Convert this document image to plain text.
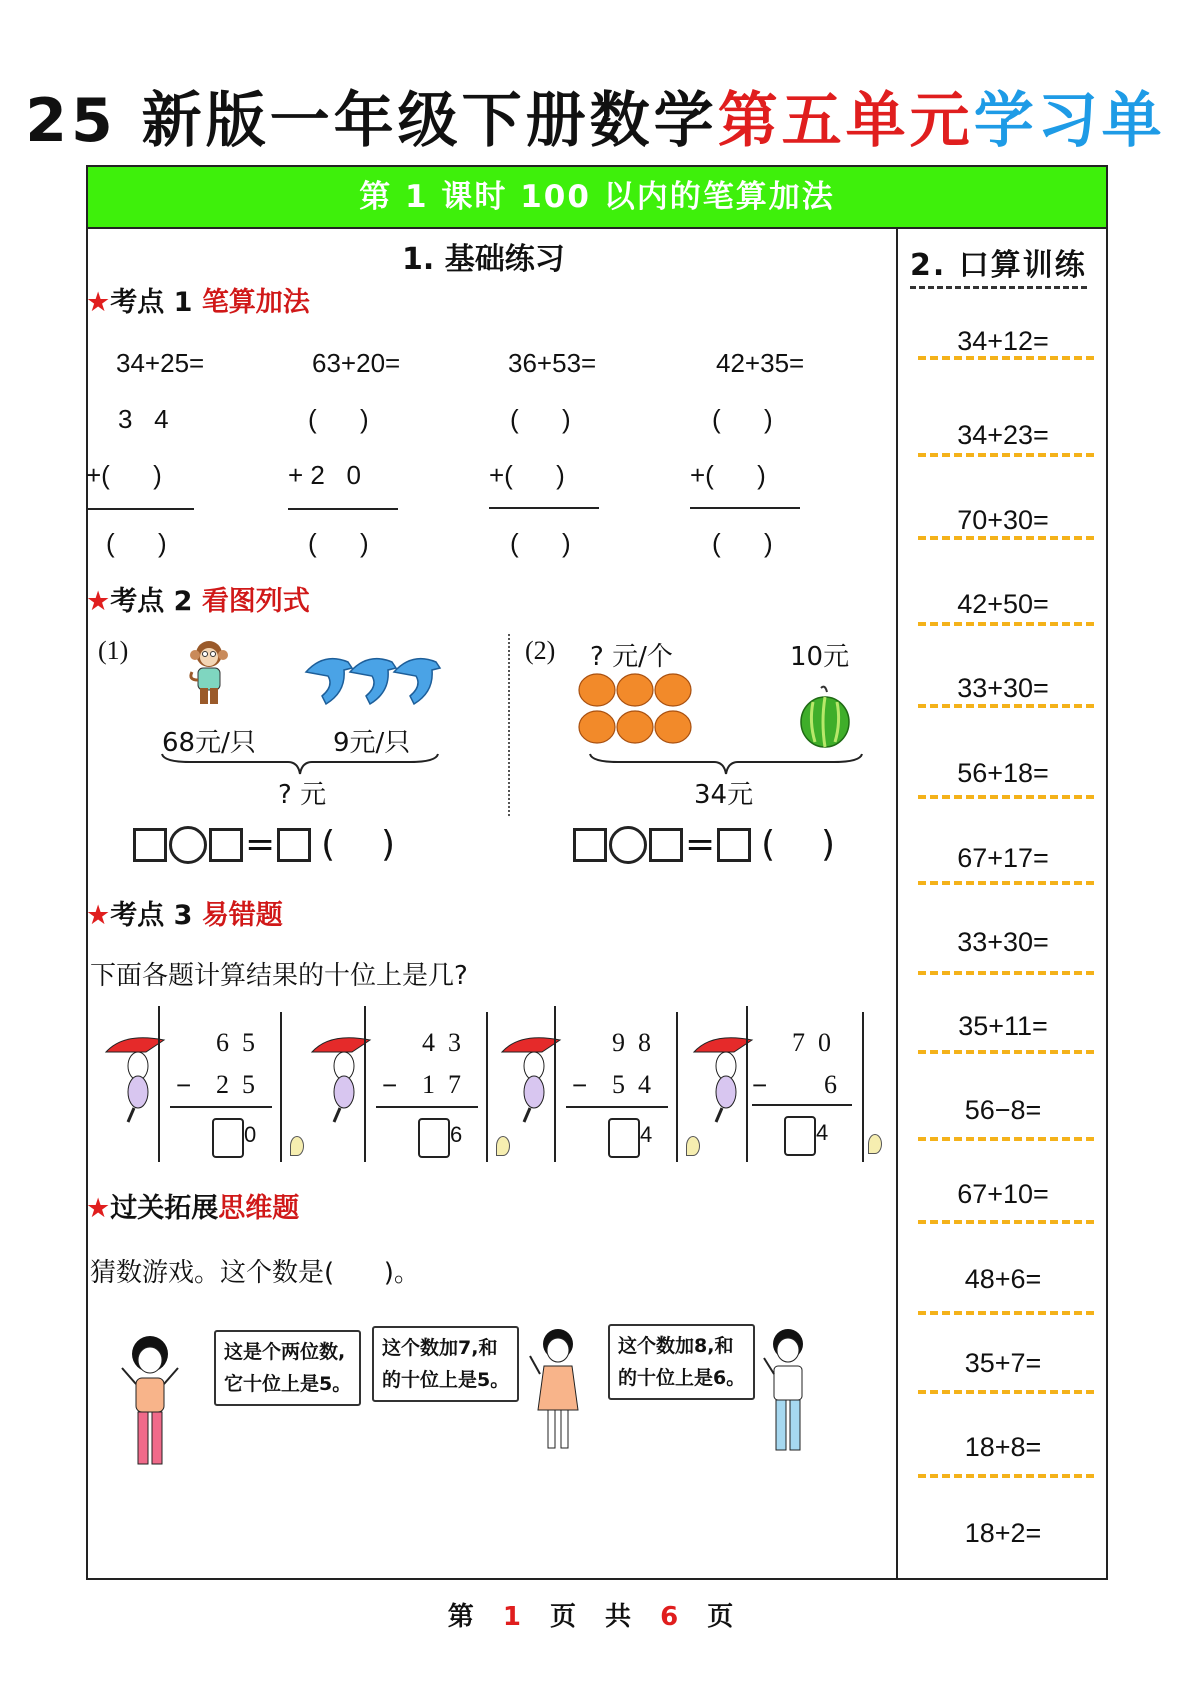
25 新版一年级下册数学第五单元学习单
第 1 课时 100 以内的笔算加法
1. 基础练习
★考点 1 笔算加法
34+25=
3   4
+(      )
(      )
63+20=
(      )
+ 2   0
(      )
36+53=
(      )
+(      )
(      )
42+35=
(      )
+(      )
(      )
★考点 2 看图列式
(1)
68元/只	9元/只
? 元
= (    )
(2) ? 元/个	10元
34元
= (    )
★考点 3 易错题
下面各题计算结果的十位上是几?
6  5
− 2  5
0
4  3
− 1  7
6
9  8
− 5  4
4
7  0
− 6
4
★过关拓展思维题
猜数游戏。这个数是(      )。
这是个两位数,
它十位上是5。
这个数加7,和
的十位上是5。
这个数加8,和
的十位上是6。
2. 口算训练
34+12=
34+23=
70+30=
42+50=
33+30=
56+18=
67+17=
33+30=
35+11=
56−8=
67+10=
48+6=
35+7=
18+8=
18+2=
第 1 页 共 6 页
